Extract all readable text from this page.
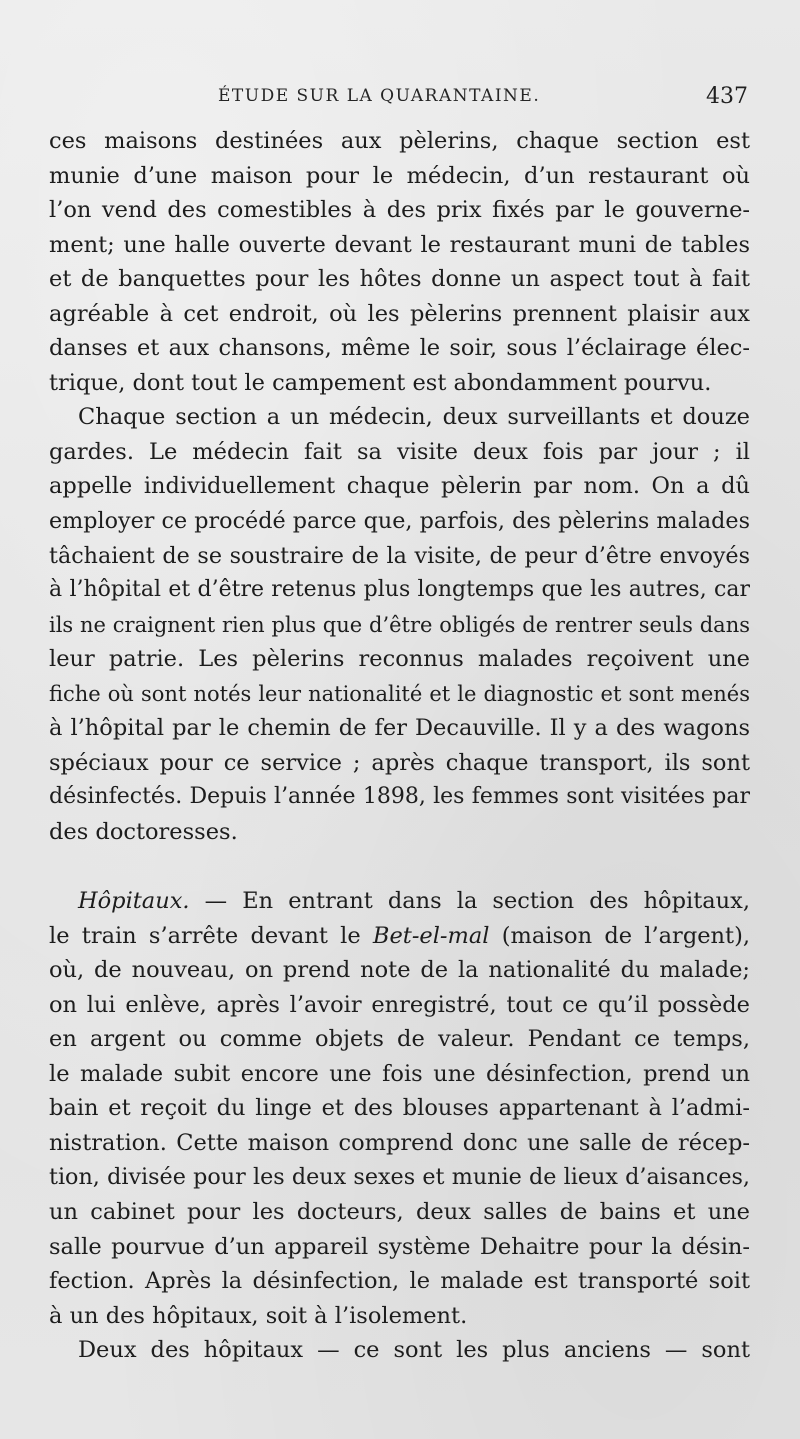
ÉTUDE SUR LA QUARANTAINE.	437
ces maisons destinées aux pèlerins, chaque section est
munie d’une maison pour le médecin, d’un restaurant où
l’on vend des comestibles à des prix fixés par le gouverne-
ment; une halle ouverte devant le restaurant muni de tables
et de banquettes pour les hôtes donne un aspect tout à fait
agréable à cet endroit, où les pèlerins prennent plaisir aux
danses et aux chansons, même le soir, sous l’éclairage élec-
trique, dont tout le campement est abondamment pourvu.
Chaque section a un médecin, deux surveillants et douze
gardes. Le médecin fait sa visite deux fois par jour ; il
appelle individuellement chaque pèlerin par nom. On a dû
employer ce procédé parce que, parfois, des pèlerins malades
tâchaient de se soustraire de la visite, de peur d’être envoyés
à l’hôpital et d’être retenus plus longtemps que les autres, car
ils ne craignent rien plus que d’être obligés de rentrer seuls dans
leur patrie. Les pèlerins reconnus malades reçoivent une
fiche où sont notés leur nationalité et le diagnostic et sont menés
à l’hôpital par le chemin de fer Decauville. Il y a des wagons
spéciaux pour ce service ; après chaque transport, ils sont
désinfectés. Depuis l’année 1898, les femmes sont visitées par
des doctoresses.
Hôpitaux. — En entrant dans la section des hôpitaux,
le train s’arrête devant le Bet-el-mal (maison de l’argent),
où, de nouveau, on prend note de la nationalité du malade;
on lui enlève, après l’avoir enregistré, tout ce qu’il possède
en argent ou comme objets de valeur. Pendant ce temps,
le malade subit encore une fois une désinfection, prend un
bain et reçoit du linge et des blouses appartenant à l’admi-
nistration. Cette maison comprend donc une salle de récep-
tion, divisée pour les deux sexes et munie de lieux d’aisances,
un cabinet pour les docteurs, deux salles de bains et une
salle pourvue d’un appareil système Dehaitre pour la désin-
fection. Après la désinfection, le malade est transporté soit
à un des hôpitaux, soit à l’isolement.
Deux des hôpitaux — ce sont les plus anciens — sont
